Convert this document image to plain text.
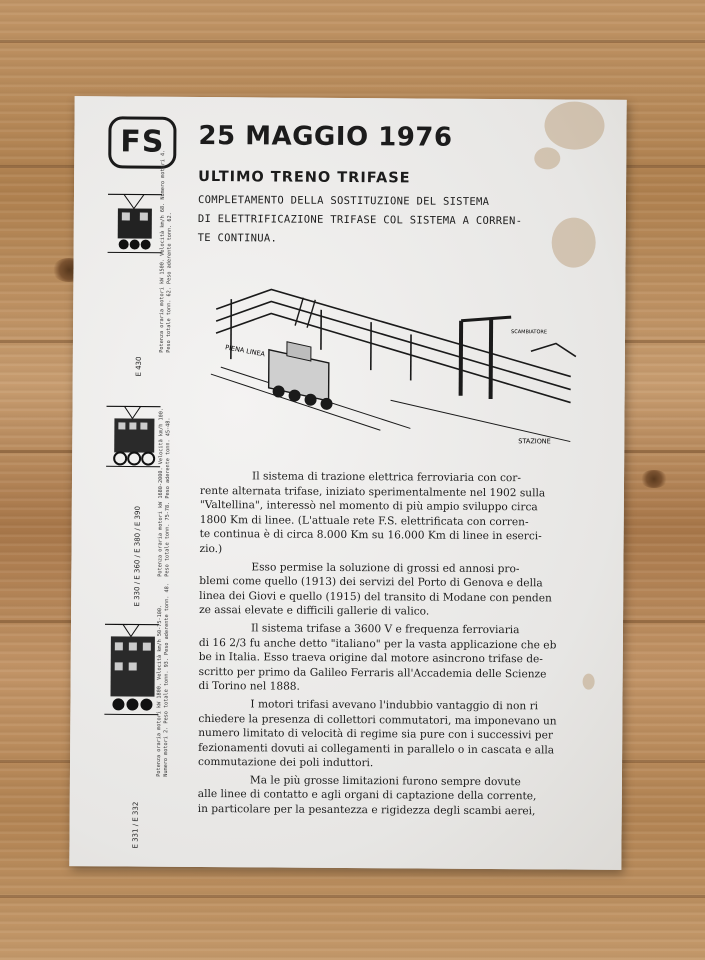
FS	25 MAGGIO 1976
ULTIMO TRENO TRIFASE
COMPLETAMENTO DELLA SOSTITUZIONE DEL SISTEMA
DI ELETTRIFICAZIONE TRIFASE COL SISTEMA A CORREN-
TE CONTINUA.
PIENA LINEA
STAZIONE
SCAMBIATORE
Potenza oraria motori kW 1500. Velocità km/h 68. Numero motori 4. Peso totale tonn. 62. Peso aderente tonn. 62.
E 430
Potenza oraria motori kW 1680-2000. Velocità km/h 100. Peso totale tonn. 75-78. Peso aderente tonn. 45-48.
E 330 / E 360 / E 380 / E 390
Potenza oraria motori kW 1800. Velocità km/h 50-75-100. Numero motori 2. Peso totale tonn. 93. Peso aderente tonn. 48.
E 331 / E 332
Il sistema di trazione elettrica ferroviaria con cor-
rente alternata trifase, iniziato sperimentalmente nel 1902 sulla
"Valtellina", interessò nel momento di più ampio sviluppo circa
1800 Km di linee. (L'attuale rete F.S. elettrificata con corren-
te continua è di circa 8.000 Km su 16.000 Km di linee in eserci-
zio.)
Esso permise la soluzione di grossi ed annosi pro-
blemi come quello (1913) dei servizi del Porto di Genova e della
linea dei Giovi e quello (1915) del transito di Modane con penden
ze assai elevate e difficili gallerie di valico.
Il sistema trifase a 3600 V e frequenza ferroviaria
di 16 2/3 fu anche detto "italiano" per la vasta applicazione che eb
be in Italia. Esso traeva origine dal motore asincrono trifase de-
scritto per primo da Galileo Ferraris all'Accademia delle Scienze
di Torino nel 1888.
I motori trifasi avevano l'indubbio vantaggio di non ri
chiedere la presenza di collettori commutatori, ma imponevano un
numero limitato di velocità di regime sia pure con i successivi per
fezionamenti dovuti ai collegamenti in parallelo o in cascata e alla
commutazione dei poli induttori.
Ma le più grosse limitazioni furono sempre dovute
alle linee di contatto e agli organi di captazione della corrente,
in particolare per la pesantezza e rigidezza degli scambi aerei,
